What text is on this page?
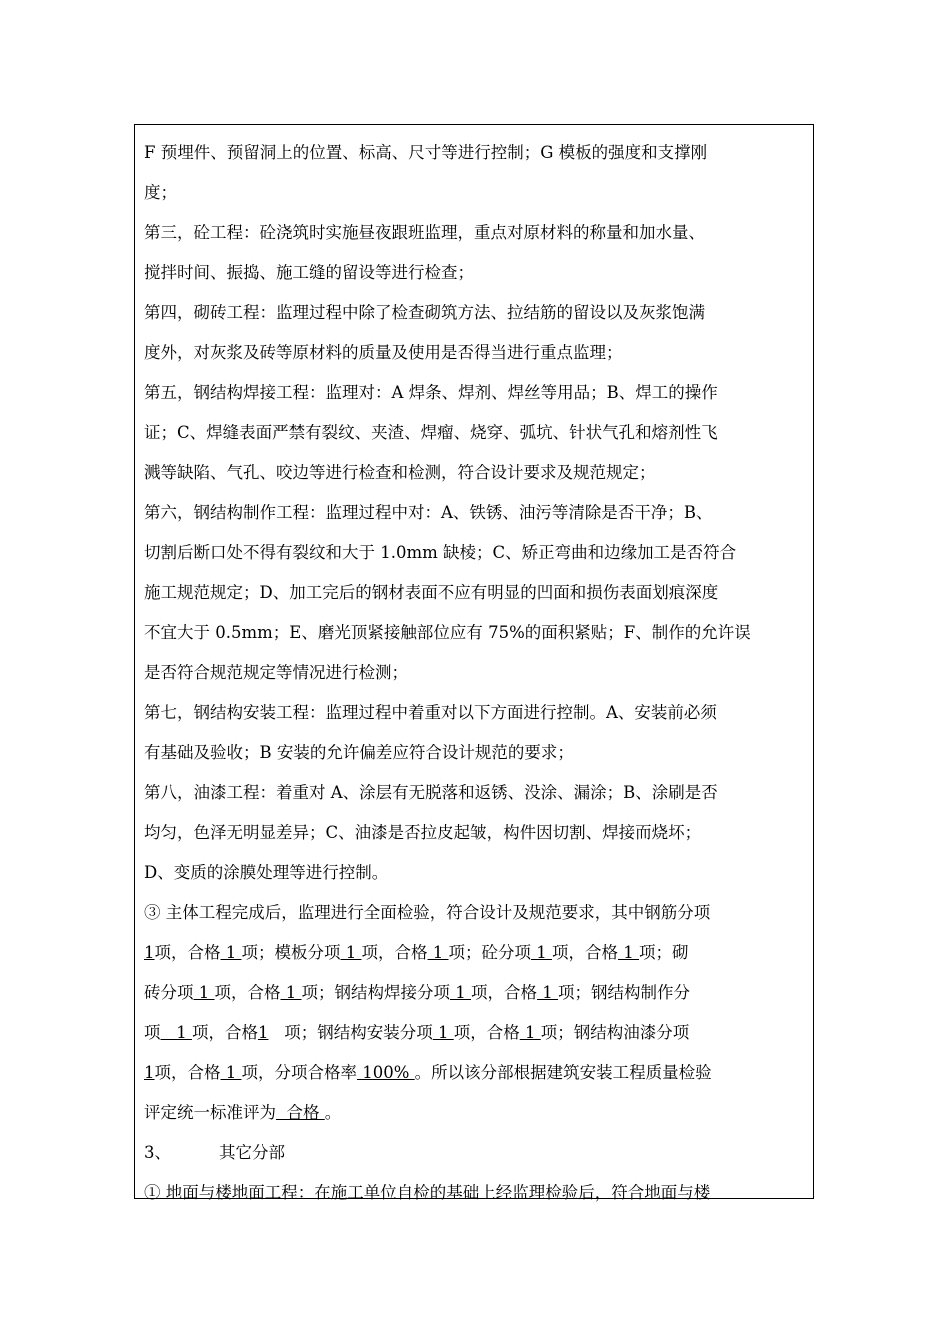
F 预埋件、预留洞上的位置、标高、尺寸等进行控制；G 模板的强度和支撑刚
度；
第三，砼工程：砼浇筑时实施昼夜跟班监理，重点对原材料的称量和加水量、
搅拌时间、振捣、施工缝的留设等进行检查；
第四，砌砖工程：监理过程中除了检查砌筑方法、拉结筋的留设以及灰浆饱满
度外，对灰浆及砖等原材料的质量及使用是否得当进行重点监理；
第五，钢结构焊接工程：监理对：A 焊条、焊剂、焊丝等用品；B、焊工的操作
证；C、焊缝表面严禁有裂纹、夹渣、焊瘤、烧穿、弧坑、针状气孔和熔剂性飞
溅等缺陷、气孔、咬边等进行检查和检测，符合设计要求及规范规定；
第六，钢结构制作工程：监理过程中对：A、铁锈、油污等清除是否干净；B、
切割后断口处不得有裂纹和大于 1.0mm 缺棱；C、矫正弯曲和边缘加工是否符合
施工规范规定；D、加工完后的钢材表面不应有明显的凹面和损伤表面划痕深度
不宜大于 0.5mm；E、磨光顶紧接触部位应有 75%的面积紧贴；F、制作的允许误
是否符合规范规定等情况进行检测；
第七，钢结构安装工程：监理过程中着重对以下方面进行控制。A、安装前必须
有基础及验收；B 安装的允许偏差应符合设计规范的要求；
第八，油漆工程：着重对 A、涂层有无脱落和返锈、没涂、漏涂；B、涂刷是否
均匀，色泽无明显差异；C、油漆是否拉皮起皱，构件因切割、焊接而烧坏；
D、变质的涂膜处理等进行控制。
③ 主体工程完成后，监理进行全面检验，符合设计及规范要求，其中钢筋分项
1项，合格 1 项；模板分项 1 项，合格 1 项；砼分项 1 项，合格 1 项；砌
砖分项 1 项，合格 1 项；钢结构焊接分项 1 项，合格 1 项；钢结构制作分
项   1 项，合格1   项；钢结构安装分项 1 项，合格 1 项；钢结构油漆分项
1项，合格 1 项，分项合格率 100% 。所以该分部根据建筑安装工程质量检验
评定统一标准评为  合格 。
3、	其它分部
① 地面与楼地面工程：在施工单位自检的基础上经监理检验后，符合地面与楼
